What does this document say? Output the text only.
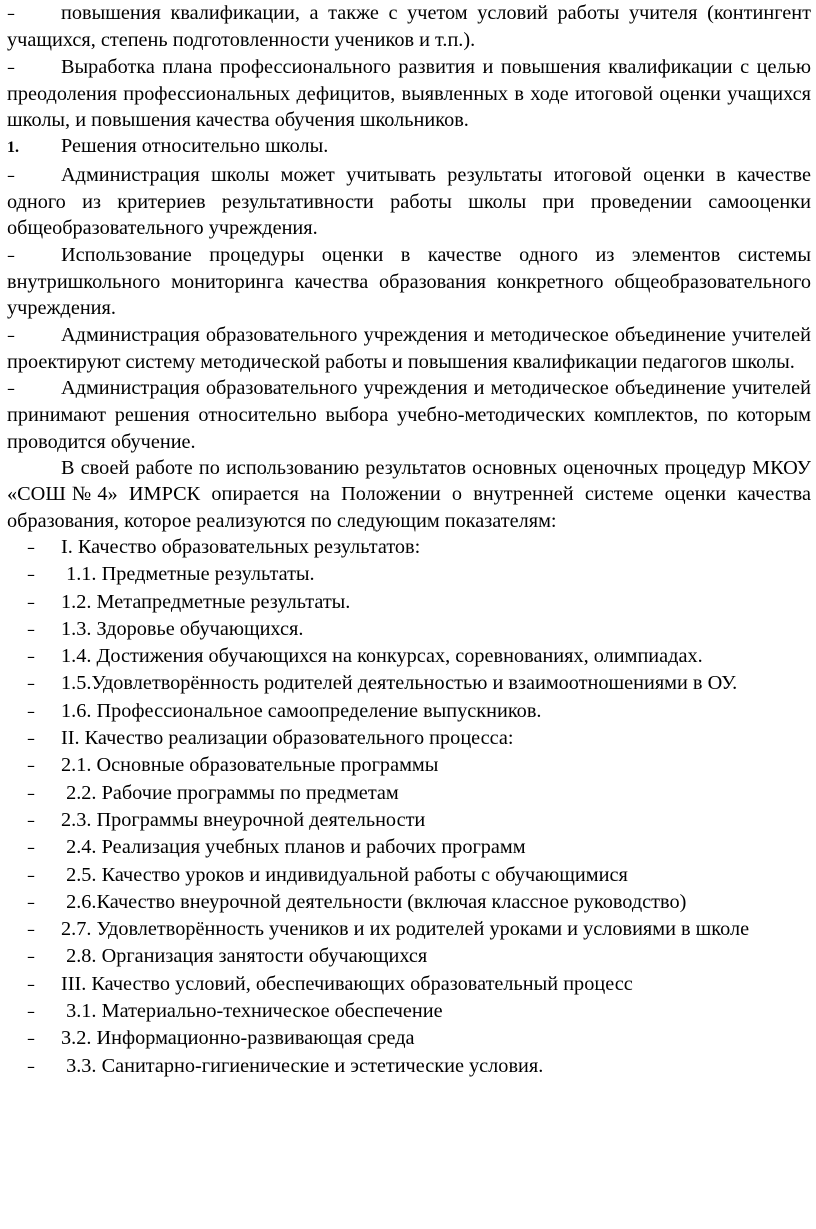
– повышения квалификации, а также с учетом условий работы учителя (контингент учащихся, степень подготовленности учеников и т.п.).

– Выработка плана профессионального развития и повышения квалификации с целью преодоления профессиональных дефицитов, выявленных в ходе итоговой оценки учащихся школы, и повышения качества обучения школьников.

1. Решения относительно школы.

– Администрация школы может учитывать результаты итоговой оценки в качестве одного из критериев результативности работы школы при проведении самооценки общеобразовательного учреждения.

– Использование процедуры оценки в качестве одного из элементов системы внутришкольного мониторинга качества образования конкретного общеобразовательного учреждения.

– Администрация образовательного учреждения и методическое объединение учителей проектируют систему методической работы и повышения квалификации педагогов школы.

– Администрация образовательного учреждения и методическое объединение учителей принимают решения относительно выбора учебно-методических комплектов, по которым проводится обучение.

В своей работе по использованию результатов основных оценочных процедур МКОУ «СОШ№4» ИМРСК опирается на Положении о внутренней системе оценки качества образования, которое реализуются по следующим показателям:

– I. Качество образовательных результатов:
– 1.1. Предметные результаты.
– 1.2. Метапредметные результаты.
– 1.3. Здоровье обучающихся.
– 1.4. Достижения обучающихся на конкурсах, соревнованиях, олимпиадах.
– 1.5.Удовлетворённость родителей деятельностью и взаимоотношениями в ОУ.
– 1.6. Профессиональное самоопределение выпускников.
– II. Качество реализации образовательного процесса:
– 2.1. Основные образовательные программы
– 2.2. Рабочие программы по предметам
– 2.3. Программы внеурочной деятельности
– 2.4. Реализация учебных планов и рабочих программ
– 2.5. Качество уроков и индивидуальной работы с обучающимися
– 2.6.Качество внеурочной деятельности (включая классное руководство)
– 2.7. Удовлетворённость учеников и их родителей уроками и условиями в школе
– 2.8. Организация занятости обучающихся
– III. Качество условий, обеспечивающих образовательный процесс
– 3.1. Материально-техническое обеспечение
– 3.2. Информационно-развивающая среда
– 3.3. Санитарно-гигиенические и эстетические условия.
